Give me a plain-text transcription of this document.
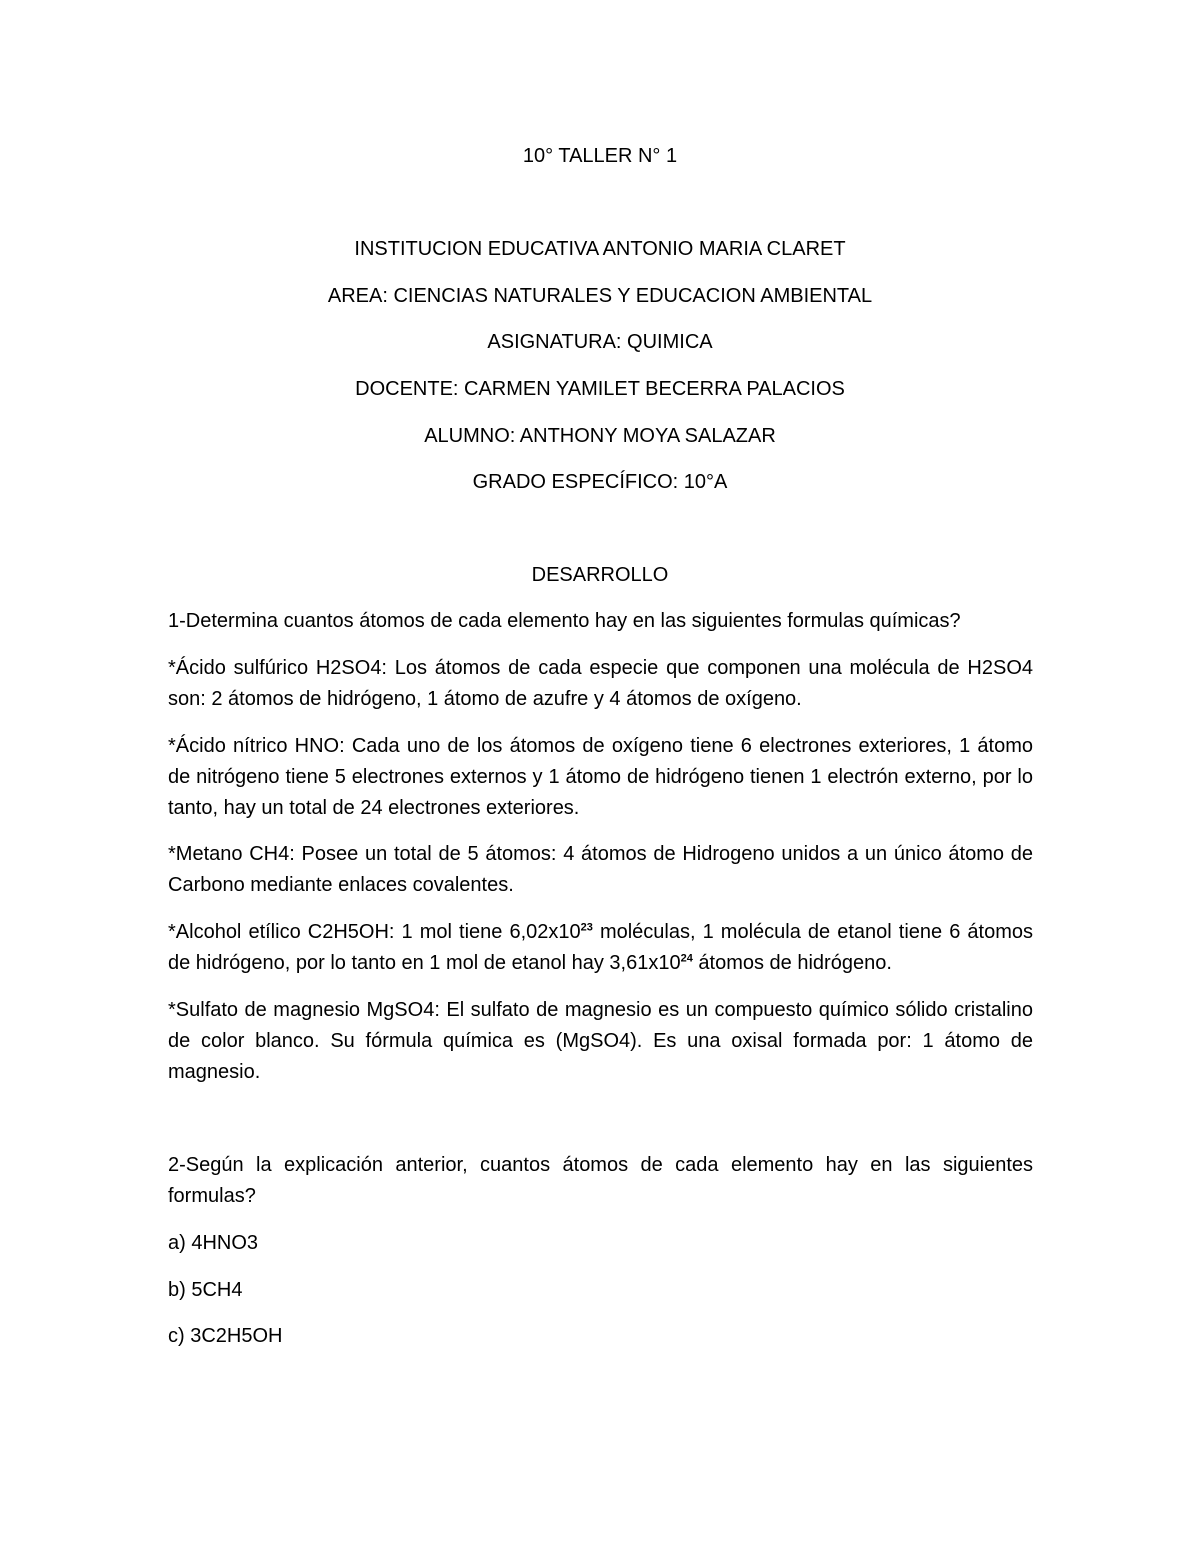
10° TALLER N° 1
INSTITUCION EDUCATIVA ANTONIO MARIA CLARET
AREA: CIENCIAS NATURALES Y EDUCACION AMBIENTAL
ASIGNATURA: QUIMICA
DOCENTE: CARMEN YAMILET BECERRA PALACIOS
ALUMNO: ANTHONY MOYA SALAZAR
GRADO ESPECÍFICO: 10°A
DESARROLLO
1-Determina cuantos átomos de cada elemento hay en las siguientes formulas químicas?
*Ácido sulfúrico H2SO4: Los átomos de cada especie que componen una molécula de H2SO4 son: 2 átomos de hidrógeno, 1 átomo de azufre y 4 átomos de oxígeno.
*Ácido nítrico HNO: Cada uno de los átomos de oxígeno tiene 6 electrones exteriores, 1 átomo de nitrógeno tiene 5 electrones externos y 1 átomo de hidrógeno tienen 1 electrón externo, por lo tanto, hay un total de 24 electrones exteriores.
*Metano CH4: Posee un total de 5 átomos: 4 átomos de Hidrogeno unidos a un único átomo de Carbono mediante enlaces covalentes.
*Alcohol etílico C2H5OH: 1 mol tiene $6,02x10^{23}$ moléculas, 1 molécula de etanol tiene 6 átomos de hidrógeno, por lo tanto en 1 mol de etanol hay $3,61x10^{24}$ átomos de hidrógeno.
*Sulfato de magnesio MgSO4: El sulfato de magnesio es un compuesto químico sólido cristalino de color blanco. Su fórmula química es (MgSO4). Es una oxisal formada por: 1 átomo de magnesio.
2-Según la explicación anterior, cuantos átomos de cada elemento hay en las siguientes formulas?
a) 4HNO3
b) 5CH4
c) 3C2H5OH
